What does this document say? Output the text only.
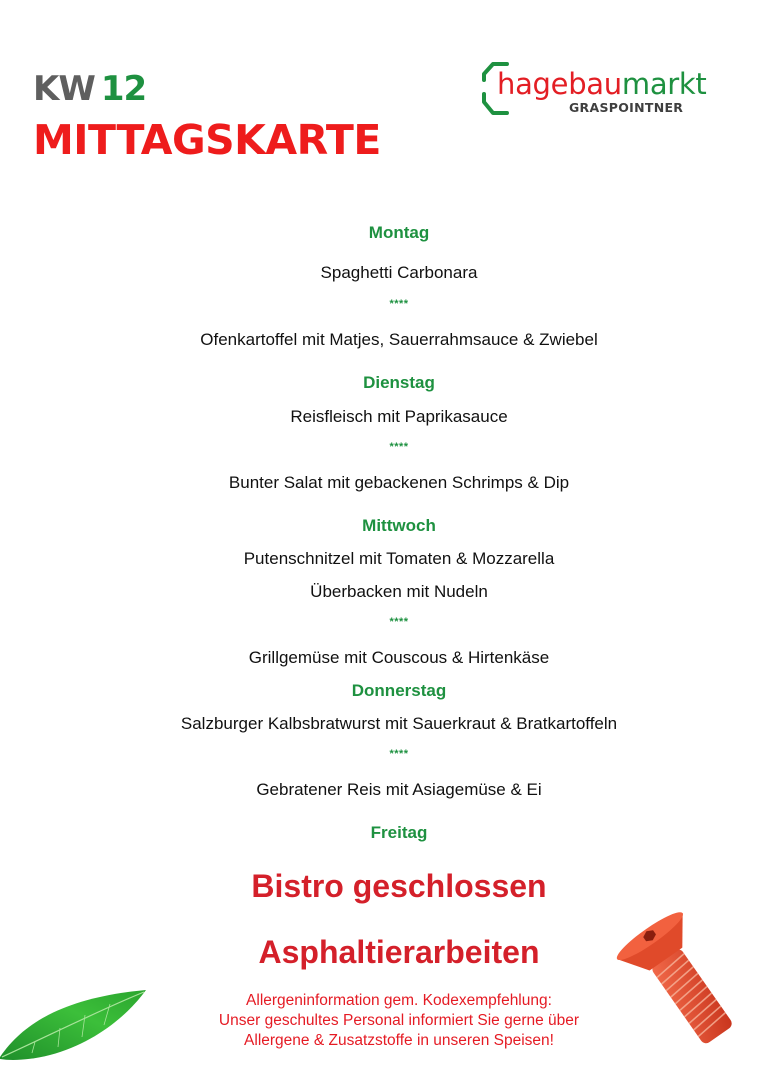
KW 12
MITTAGSKARTE
hagebaumarkt
GRASPOINTNER
Montag
Spaghetti Carbonara
****
Ofenkartoffel mit Matjes, Sauerrahmsauce & Zwiebel
Dienstag
Reisfleisch mit Paprikasauce
****
Bunter Salat mit gebackenen Schrimps & Dip
Mittwoch
Putenschnitzel mit Tomaten & Mozzarella
Überbacken mit Nudeln
****
Grillgemüse mit Couscous & Hirtenkäse
Donnerstag
Salzburger Kalbsbratwurst mit Sauerkraut & Bratkartoffeln
****
Gebratener Reis mit Asiagemüse & Ei
Freitag
Bistro geschlossen
Asphaltierarbeiten
Allergeninformation gem. Kodexempfehlung:
Unser geschultes Personal informiert Sie gerne über
Allergene & Zusatzstoffe in unseren Speisen!
